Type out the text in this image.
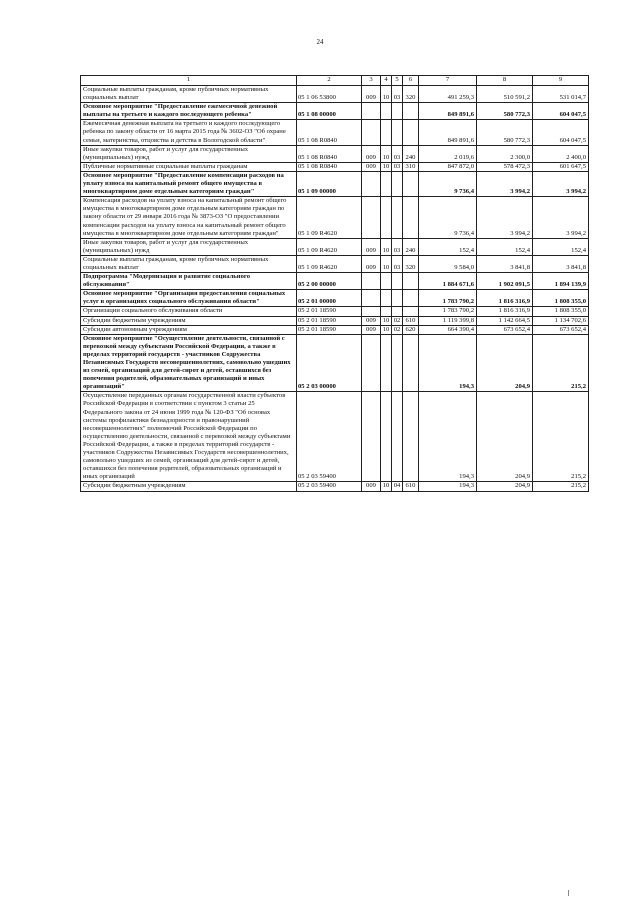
24
1	2	3	4	5	6	7	8	9
Социальные выплаты гражданам, кроме публичных нормативных социальных выплат	05 1 06 53800	009	10	03	320	491 259,3	510 591,2	531 014,7
Основное мероприятие "Предоставление ежемесячной денежной выплаты на третьего и каждого последующего ребенка"	05 1 08 00000					849 891,6	580 772,3	604 047,5
Ежемесячная денежная выплата на третьего и каждого последующего ребенка по закону области от 16 марта 2015 года № 3602-ОЗ "Об охране семьи, материнства, отцовства и детства в Вологодской области"	05 1 08 R0840					849 891,6	580 772,3	604 047,5
Иные закупки товаров, работ и услуг для государственных (муниципальных) нужд	05 1 08 R0840	009	10	03	240	2 019,6	2 300,0	2 400,0
Публичные нормативные социальные выплаты гражданам	05 1 08 R0840	009	10	03	310	847 872,0	578 472,3	601 647,5
Основное мероприятие "Предоставление компенсации расходов на уплату взноса на капитальный ремонт общего имущества в многоквартирном доме отдельным категориям граждан"	05 1 09 00000					9 736,4	3 994,2	3 994,2
Компенсация расходов на уплату взноса на капитальный ремонт общего имущества в многоквартирном доме отдельным категориям граждан по закону области от 29 января 2016 года № 3873-ОЗ "О предоставлении компенсации расходов на уплату взноса на капитальный ремонт общего имущества в многоквартирном доме отдельным категориям граждан"	05 1 09 R4620					9 736,4	3 994,2	3 994,2
Иные закупки товаров, работ и услуг для государственных (муниципальных) нужд	05 1 09 R4620	009	10	03	240	152,4	152,4	152,4
Социальные выплаты гражданам, кроме публичных нормативных социальных выплат	05 1 09 R4620	009	10	03	320	9 584,0	3 841,8	3 841,8
Подпрограмма "Модернизация и развитие социального обслуживания"	05 2 00 00000					1 884 671,6	1 902 091,5	1 894 139,9
Основное мероприятие "Организация предоставления социальных услуг в организациях социального обслуживания области"	05 2 01 00000					1 783 790,2	1 816 316,9	1 808 355,0
Организации социального обслуживания области	05 2 01 18590					1 783 790,2	1 816 316,9	1 808 355,0
Субсидии бюджетным учреждениям	05 2 01 18590	009	10	02	610	1 119 399,8	1 142 664,5	1 134 702,6
Субсидии автономным учреждениям	05 2 01 18590	009	10	02	620	664 390,4	673 652,4	673 652,4
Основное мероприятие "Осуществление деятельности, связанной с перевозкой между субъектами Российской Федерации, а также в пределах территорий государств - участников Содружества Независимых Государств несовершеннолетних, самовольно ушедших из семей, организаций для детей-сирот и детей, оставшихся без попечения родителей, образовательных организаций и иных организаций"	05 2 03 00000					194,3	204,9	215,2
Осуществление переданных органам государственной власти субъектов Российской Федерации в соответствии с пунктом 3 статьи 25 Федерального закона от 24 июня 1999 года № 120-ФЗ "Об основах системы профилактики безнадзорности и правонарушений несовершеннолетних" полномочий Российской Федерации по осуществлению деятельности, связанной с перевозкой между субъектами Российской Федерации, а также в пределах территорий государств - участников Содружества Независимых Государств несовершеннолетних, самовольно ушедших из семей, организаций для детей-сирот и детей, оставшихся без попечения родителей, образовательных организаций и иных организаций	05 2 03 59400					194,3	204,9	215,2
Субсидии бюджетным учреждениям	05 2 03 59400	009	10	04	610	194,3	204,9	215,2
